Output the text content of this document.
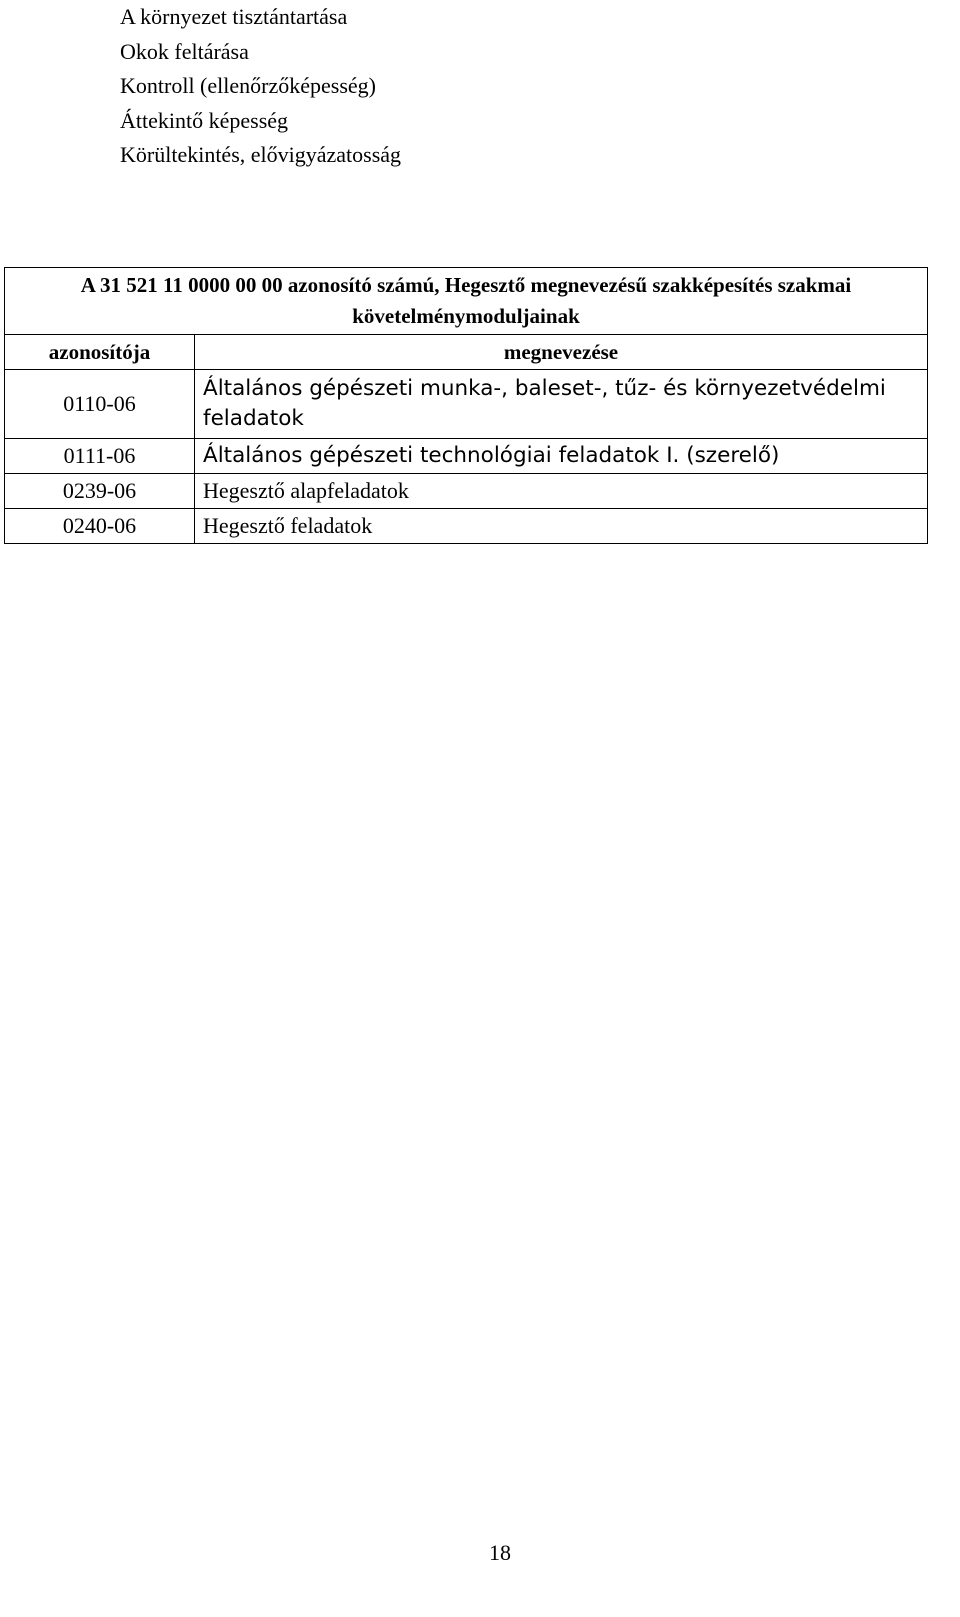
A környezet tisztántartása
Okok feltárása
Kontroll (ellenőrzőképesség)
Áttekintő képesség
Körültekintés, elővigyázatosság
A 31 521 11 0000 00 00 azonosító számú, Hegesztő megnevezésű szakképesítés szakmai követelménymoduljainak	
azonosítója	megnevezése
0110-06	Általános gépészeti munka-, baleset-, tűz- és környezetvédelmi feladatok
0111-06	Általános gépészeti technológiai feladatok I. (szerelő)
0239-06	Hegesztő alapfeladatok
0240-06	Hegesztő feladatok
18
